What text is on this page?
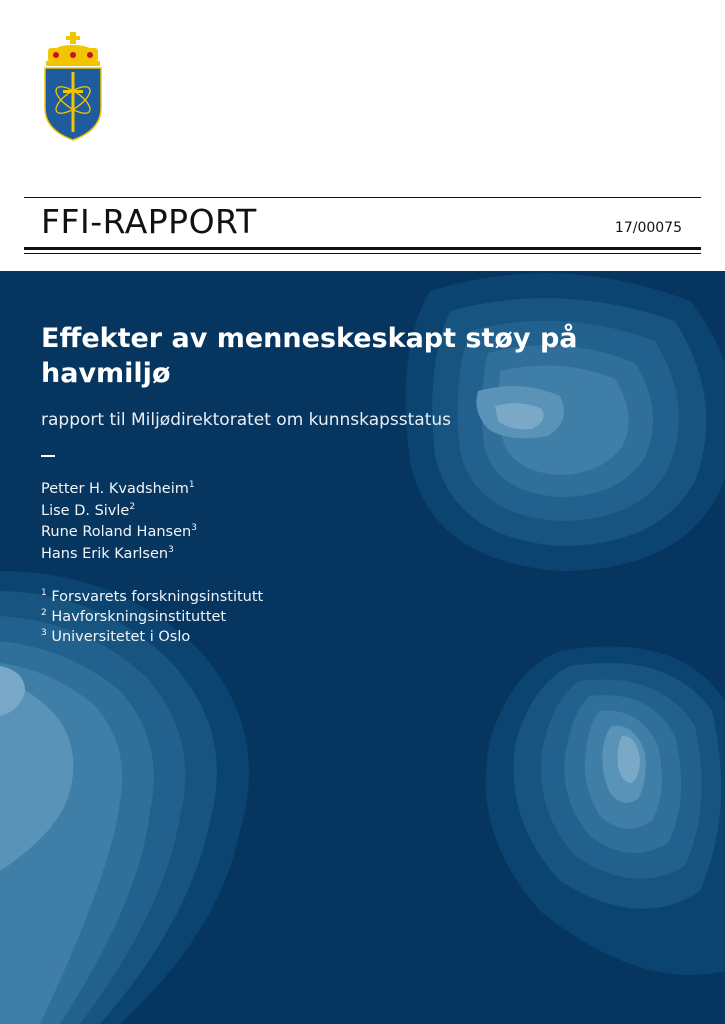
FFI-RAPPORT	17/00075
Effekter av menneskeskapt støy på havmiljø
rapport til Miljødirektoratet om kunnskapsstatus
Petter H. Kvadsheim$^1$
Lise D. Sivle$^2$
Rune Roland Hansen$^3$
Hans Erik Karlsen$^3$
$^1$ Forsvarets forskningsinstitutt
$^2$ Havforskningsinstituttet
$^3$ Universitetet i Oslo
